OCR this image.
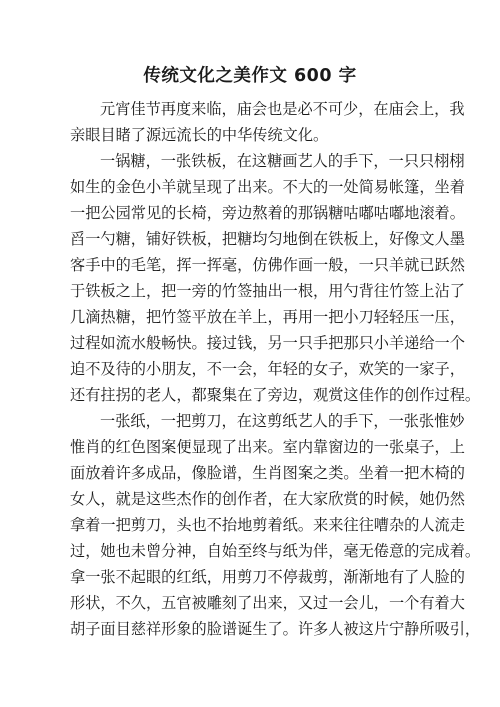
传统文化之美作文 600 字
元宵佳节再度来临，庙会也是必不可少，在庙会上，我
亲眼目睹了源远流长的中华传统文化。
一锅糖，一张铁板，在这糖画艺人的手下，一只只栩栩
如生的金色小羊就呈现了出来。不大的一处简易帐篷，坐着
一把公园常见的长椅，旁边熬着的那锅糖咕嘟咕嘟地滚着。
舀一勺糖，铺好铁板，把糖均匀地倒在铁板上，好像文人墨
客手中的毛笔，挥一挥毫，仿佛作画一般，一只羊就已跃然
于铁板之上，把一旁的竹签抽出一根，用勺背往竹签上沾了
几滴热糖，把竹签平放在羊上，再用一把小刀轻轻压一压，
过程如流水般畅快。接过钱，另一只手把那只小羊递给一个
迫不及待的小朋友，不一会，年轻的女子，欢笑的一家子，
还有拄拐的老人，都聚集在了旁边，观赏这佳作的创作过程。
一张纸，一把剪刀，在这剪纸艺人的手下，一张张惟妙
惟肖的红色图案便显现了出来。室内靠窗边的一张桌子，上
面放着许多成品，像脸谱，生肖图案之类。坐着一把木椅的
女人，就是这些杰作的创作者，在大家欣赏的时候，她仍然
拿着一把剪刀，头也不抬地剪着纸。来来往往嘈杂的人流走
过，她也未曾分神，自始至终与纸为伴，毫无倦意的完成着。
拿一张不起眼的红纸，用剪刀不停裁剪，渐渐地有了人脸的
形状，不久，五官被雕刻了出来，又过一会儿，一个有着大
胡子面目慈祥形象的脸谱诞生了。许多人被这片宁静所吸引，
